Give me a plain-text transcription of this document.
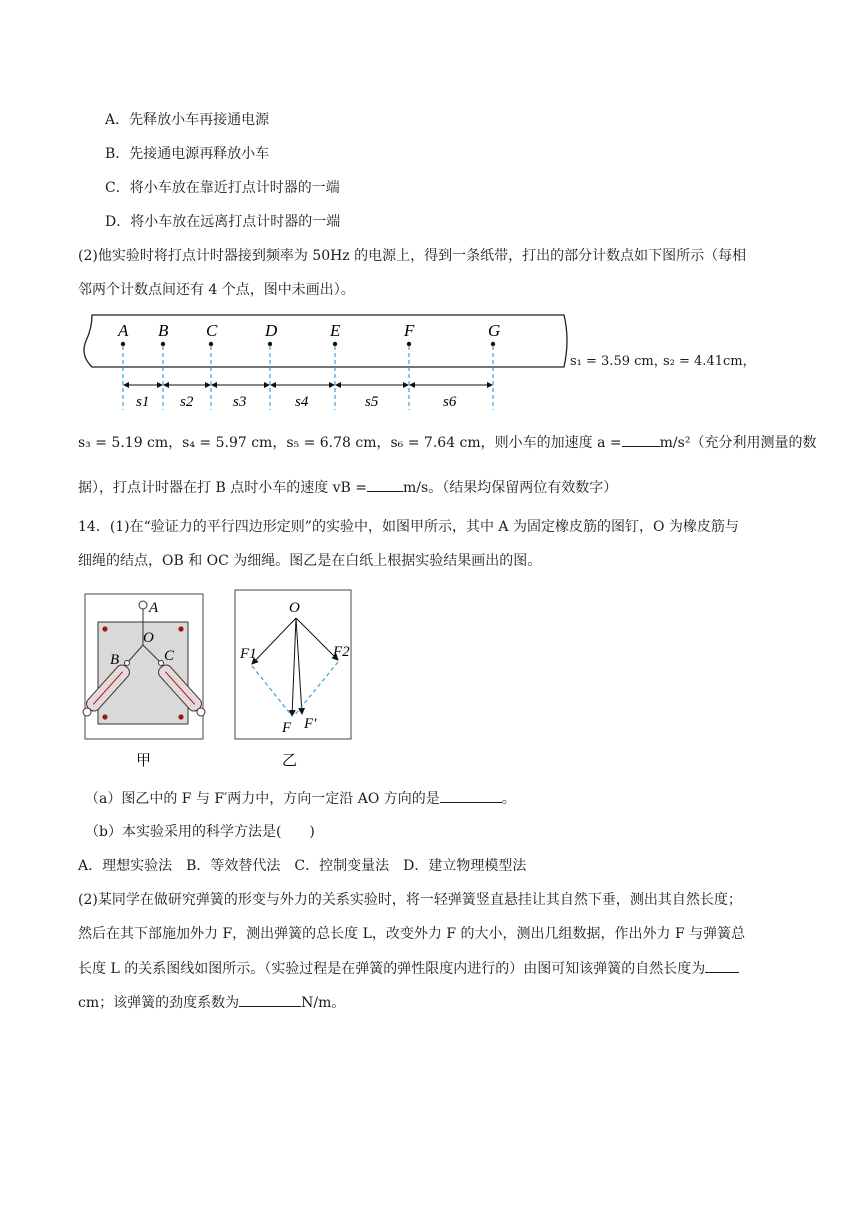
A．先释放小车再接通电源
B．先接通电源再释放小车
C．将小车放在靠近打点计时器的一端
D．将小车放在远离打点计时器的一端
(2)他实验时将打点计时器接到频率为 50Hz 的电源上，得到一条纸带，打出的部分计数点如下图所示（每相
邻两个计数点间还有 4 个点，图中未画出）。
A B C	D	E	F	G
s1 s2	s3	s4	s5	s6
s₁ = 3.59 cm，
s₂ = 4.41cm，
s₃ = 5.19 cm，s₄ = 5.97 cm，s₅ = 6.78 cm，s₆ = 7.64 cm，则小车的加速度 a =	m/s²（充分利用测量的数
据），打点计时器在打 B 点时小车的速度 vB =	m/s。（结果均保留两位有效数字）
14．(1)在“验证力的平行四边形定则”的实验中，如图甲所示，其中 A 为固定橡皮筋的图钉，O 为橡皮筋与
细绳的结点，OB 和 OC 为细绳。图乙是在白纸上根据实验结果画出的图。
A
O
B	C
甲
O
F1	F2
F F′
乙
（a）图乙中的 F 与 F′两力中，方向一定沿 AO 方向的是	。
（b）本实验采用的科学方法是(　　)
A．理想实验法　B．等效替代法　C．控制变量法　D．建立物理模型法
(2)某同学在做研究弹簧的形变与外力的关系实验时，将一轻弹簧竖直悬挂让其自然下垂，测出其自然长度；
然后在其下部施加外力 F，测出弹簧的总长度 L，改变外力 F 的大小，测出几组数据，作出外力 F 与弹簧总
长度 L 的关系图线如图所示。（实验过程是在弹簧的弹性限度内进行的）由图可知该弹簧的自然长度为
cm；该弹簧的劲度系数为	N/m。
